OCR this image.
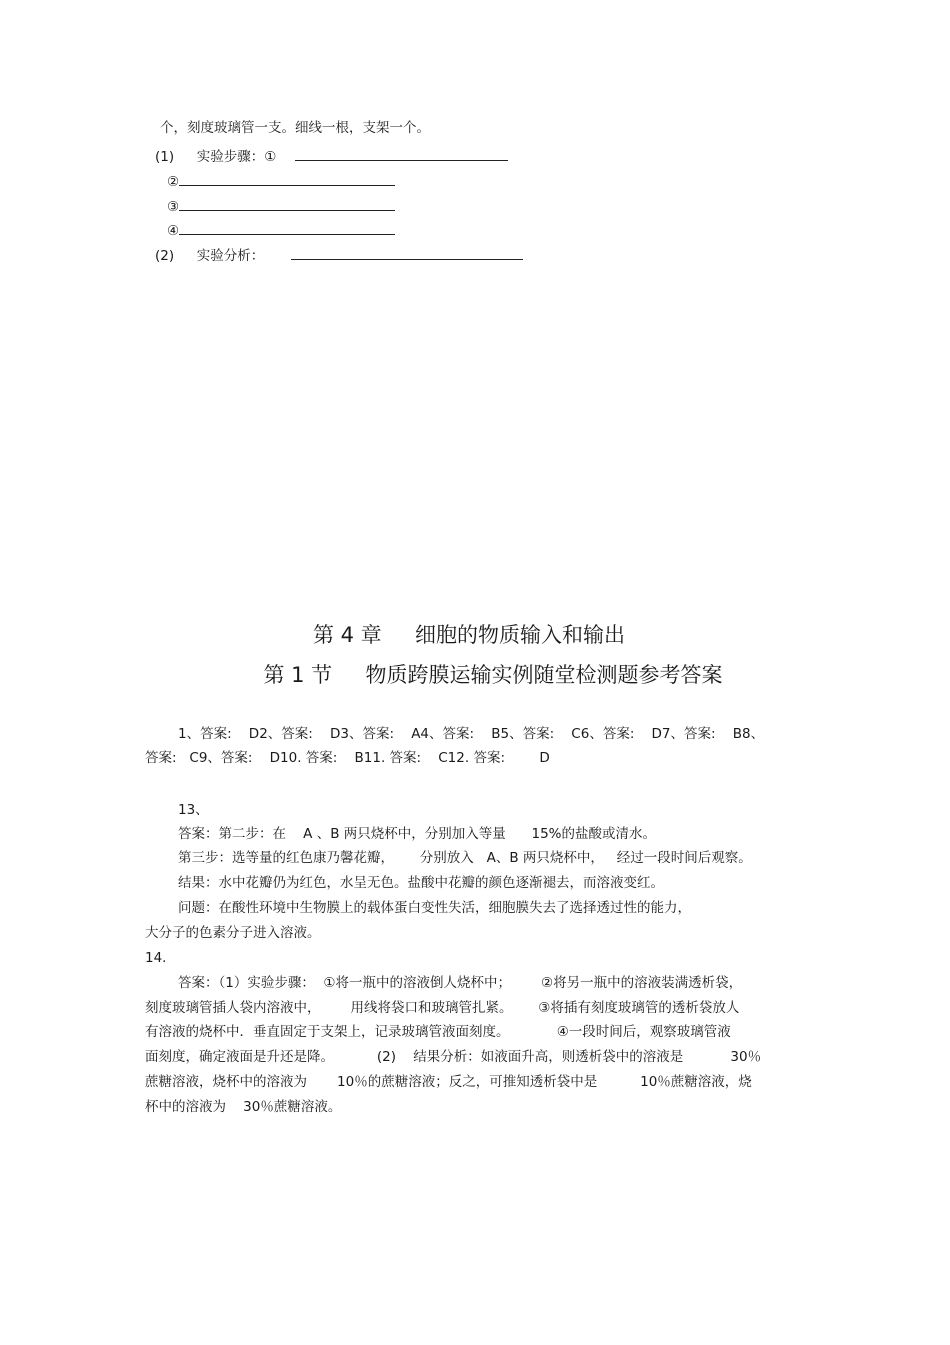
个，刻度玻璃管一支。细线一根，支架一个。
(1) 实验步骤：①
②
③
④
(2) 实验分析：
第 4 章     细胞的物质输入和输出
第 1 节     物质跨膜运输实例随堂检测题参考答案
1、答案:    D2、答案:    D3、答案:    A4、答案:    B5、答案:    C6、答案:    D7、答案:    B8、
答案:   C9、答案:    D10. 答案:    B11. 答案:    C12. 答案:        D
13、
答案：第二步：在    A 、B 两只烧杯中，分别加入等量      15%的盐酸或清水。
第三步：选等量的红色康乃馨花瓣，      分别放入   A、B 两只烧杯中，   经过一段时间后观察。
结果：水中花瓣仍为红色，水呈无色。盐酸中花瓣的颜色逐渐褪去，而溶液变红。
问题：在酸性环境中生物膜上的载体蛋白变性失活，细胞膜失去了选择透过性的能力，
大分子的色素分子进入溶液。
14.
答案：（1）实验步骤：  ①将一瓶中的溶液倒人烧杯中；       ②将另一瓶中的溶液装满透析袋，
刻度玻璃管插人袋内溶液中，       用线将袋口和玻璃管扎紧。      ③将插有刻度玻璃管的透析袋放人
有溶液的烧杯中．垂直固定于支架上，记录玻璃管液面刻度。           ④一段时间后，观察玻璃管液
面刻度，确定液面是升还是降。          (2)    结果分析：如液面升高，则透析袋中的溶液是           30％
蔗糖溶液，烧杯中的溶液为       10％的蔗糖溶液；反之，可推知透析袋中是          10％蔗糖溶液，烧
杯中的溶液为    30％蔗糖溶液。
